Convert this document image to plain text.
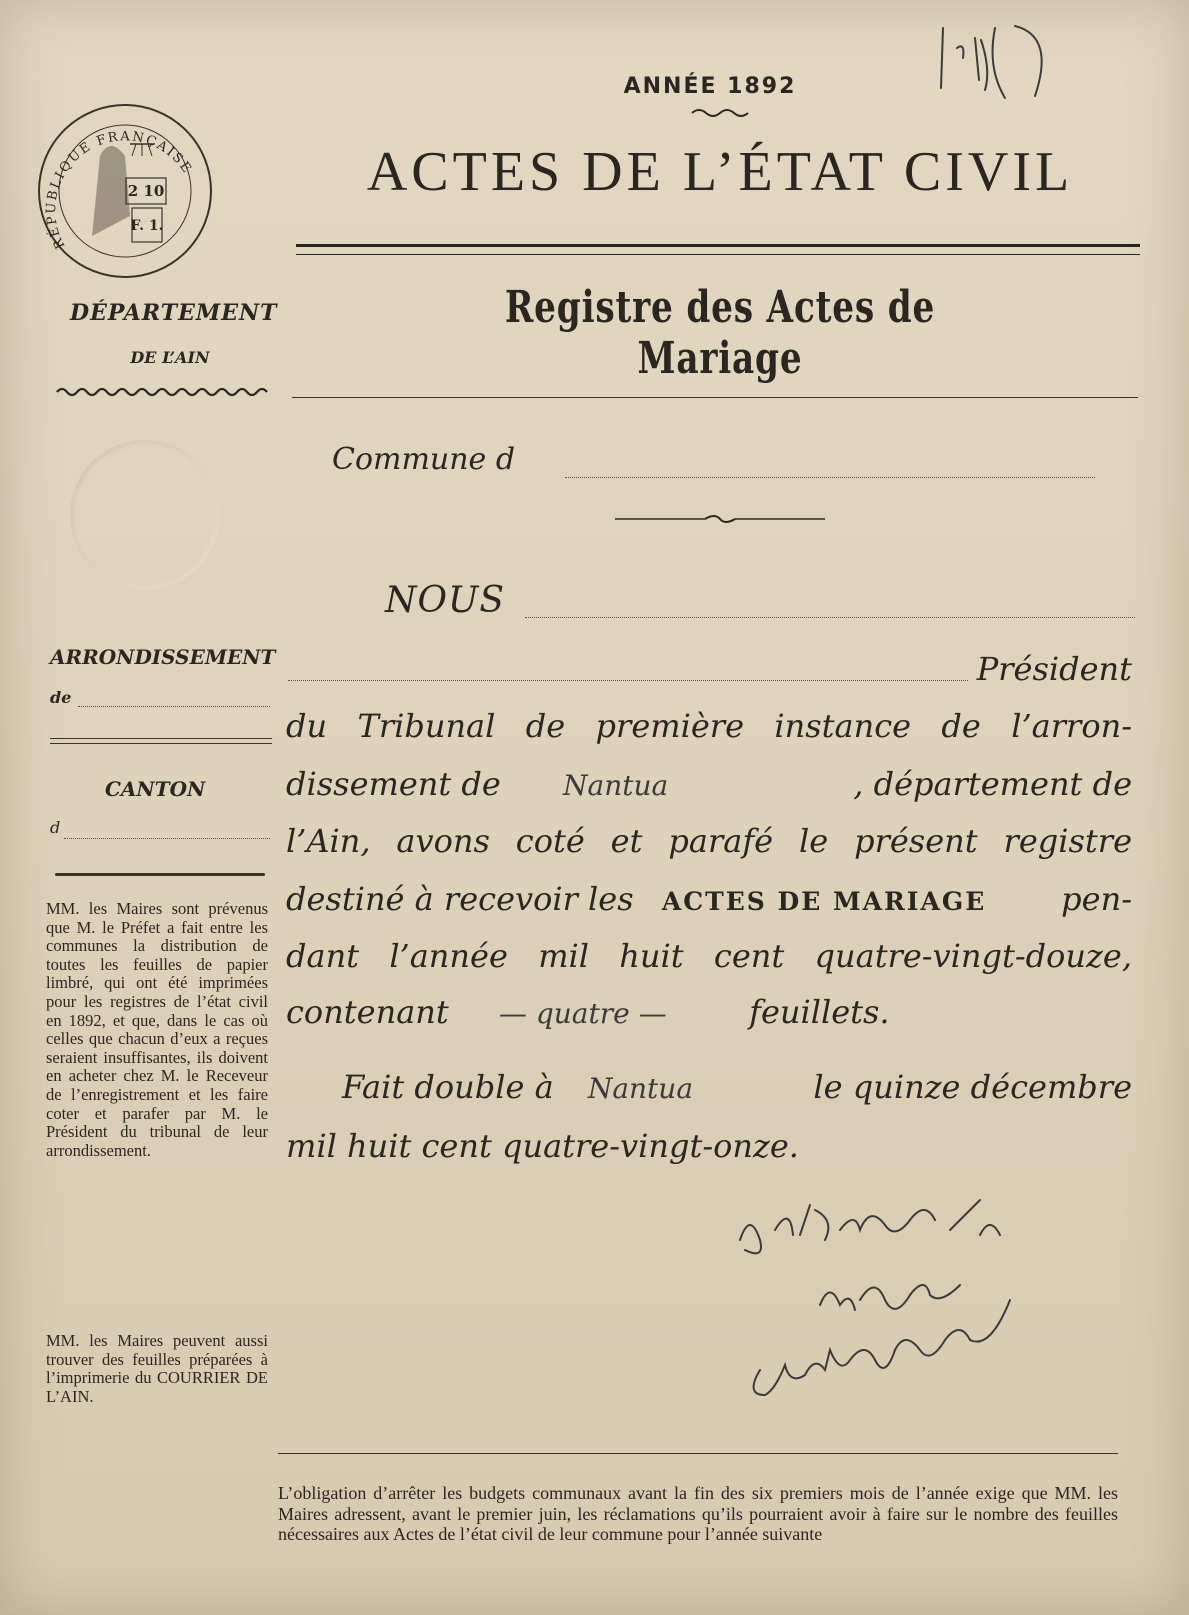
ANNÉE 1892
ACTES DE L’ÉTAT CIVIL
Registre des Actes de Mariage
Commune d
RÉPUBLIQUE FRANÇAISE
2 10
F. 1.
DÉPARTEMENT
DE L’AIN
ARRONDISSEMENT
de
CANTON
d
MM. les Maires sont prévenus que M. le Préfet a fait entre les communes la distribution de toutes les feuilles de papier limbré, qui ont été imprimées pour les registres de l’état civil en 1892, et que, dans le cas où celles que chacun d’eux a reçues seraient insuffisantes, ils doivent en acheter chez M. le Receveur de l’enregistrement et les faire coter et parafer par M. le Président du tribunal de leur arrondissement.
MM. les Maires peuvent aussi trouver des feuilles préparées à l’imprimerie du COURRIER DE L’AIN.
NOUS
Président
du Tribunal de première instance de l’arron-
dissement de Nantua	, département de
l’Ain, avons coté et parafé le présent registre
destiné à recevoir les ACTES DE MARIAGE pen-
dant l’année mil huit cent quatre-vingt-douze,
contenant — quatre —	feuillets.
Fait double à Nantua	le quinze décembre
mil huit cent quatre-vingt-onze.
L’obligation d’arrêter les budgets communaux avant la fin des six premiers mois de l’année exige que MM. les Maires adressent, avant le premier juin, les réclamations qu’ils pourraient avoir à faire sur le nombre des feuilles nécessaires aux Actes de l’état civil de leur commune pour l’année suivante
